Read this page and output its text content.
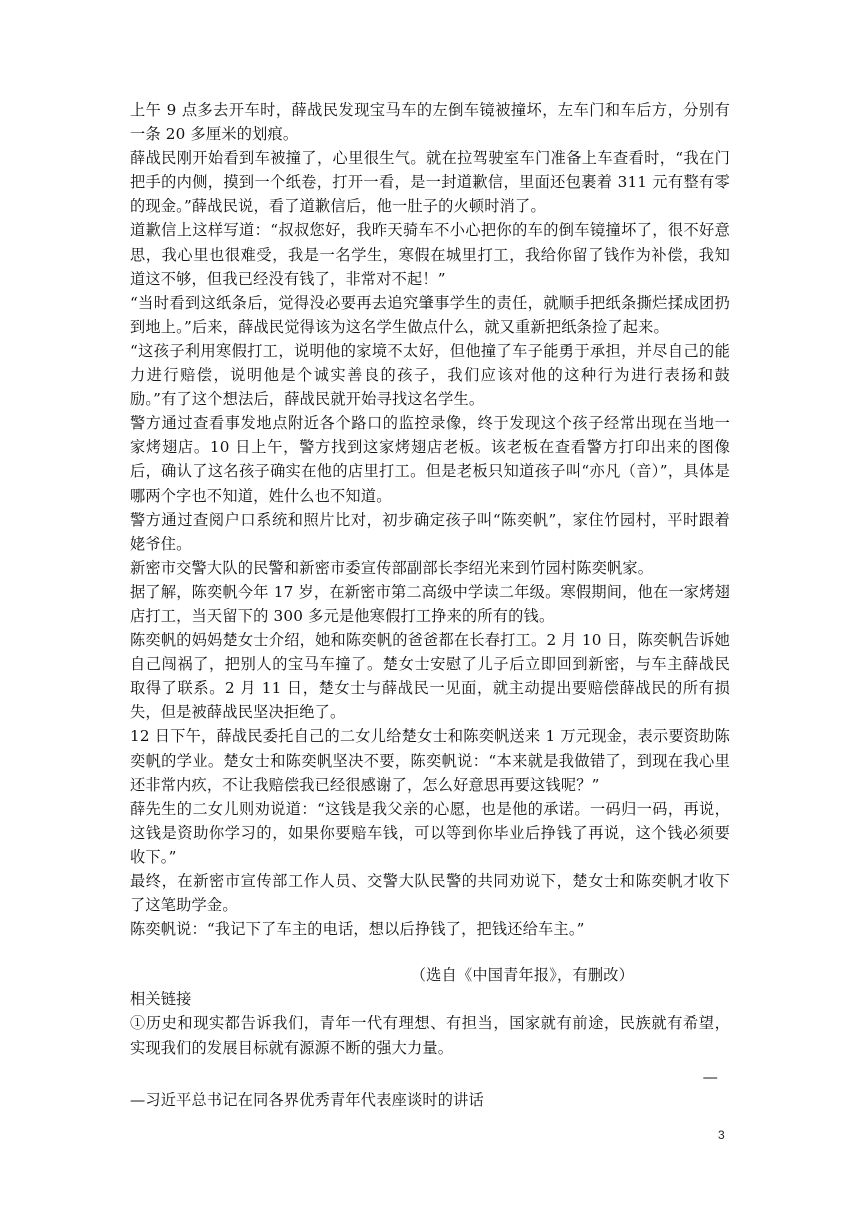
上午 9 点多去开车时，薛战民发现宝马车的左倒车镜被撞坏，左车门和车后方，分别有一条 20 多厘米的划痕。

薛战民刚开始看到车被撞了，心里很生气。就在拉驾驶室车门准备上车查看时，“我在门把手的内侧，摸到一个纸卷，打开一看，是一封道歉信，里面还包裹着 311 元有整有零的现金。”薛战民说，看了道歉信后，他一肚子的火顿时消了。

道歉信上这样写道：“叔叔您好，我昨天骑车不小心把你的车的倒车镜撞坏了，很不好意思，我心里也很难受，我是一名学生，寒假在城里打工，我给你留了钱作为补偿，我知道这不够，但我已经没有钱了，非常对不起！”

“当时看到这纸条后，觉得没必要再去追究肇事学生的责任，就顺手把纸条撕烂揉成团扔到地上。”后来，薛战民觉得该为这名学生做点什么，就又重新把纸条捡了起来。

“这孩子利用寒假打工，说明他的家境不太好，但他撞了车子能勇于承担，并尽自己的能力进行赔偿，说明他是个诚实善良的孩子，我们应该对他的这种行为进行表扬和鼓励。”有了这个想法后，薛战民就开始寻找这名学生。

警方通过查看事发地点附近各个路口的监控录像，终于发现这个孩子经常出现在当地一家烤翅店。10 日上午，警方找到这家烤翅店老板。该老板在查看警方打印出来的图像后，确认了这名孩子确实在他的店里打工。但是老板只知道孩子叫“亦凡（音）”，具体是哪两个字也不知道，姓什么也不知道。

警方通过查阅户口系统和照片比对，初步确定孩子叫“陈奕帆”，家住竹园村，平时跟着姥爷住。

新密市交警大队的民警和新密市委宣传部副部长李绍光来到竹园村陈奕帆家。

据了解，陈奕帆今年 17 岁，在新密市第二高级中学读二年级。寒假期间，他在一家烤翅店打工，当天留下的 300 多元是他寒假打工挣来的所有的钱。

陈奕帆的妈妈楚女士介绍，她和陈奕帆的爸爸都在长春打工。2 月 10 日，陈奕帆告诉她自己闯祸了，把别人的宝马车撞了。楚女士安慰了儿子后立即回到新密，与车主薛战民取得了联系。2 月 11 日，楚女士与薛战民一见面，就主动提出要赔偿薛战民的所有损失，但是被薛战民坚决拒绝了。

12 日下午，薛战民委托自己的二女儿给楚女士和陈奕帆送来 1 万元现金，表示要资助陈奕帆的学业。楚女士和陈奕帆坚决不要，陈奕帆说：“本来就是我做错了，到现在我心里还非常内疚，不让我赔偿我已经很感谢了，怎么好意思再要这钱呢？”

薛先生的二女儿则劝说道：“这钱是我父亲的心愿，也是他的承诺。一码归一码，再说，这钱是资助你学习的，如果你要赔车钱，可以等到你毕业后挣钱了再说，这个钱必须要收下。”

最终，在新密市宣传部工作人员、交警大队民警的共同劝说下，楚女士和陈奕帆才收下了这笔助学金。

陈奕帆说：“我记下了车主的电话，想以后挣钱了，把钱还给车主。”

（选自《中国青年报》，有删改）

相关链接

①历史和现实都告诉我们，青年一代有理想、有担当，国家就有前途，民族就有希望，实现我们的发展目标就有源源不断的强大力量。

—

—习近平总书记在同各界优秀青年代表座谈时的讲话

3
